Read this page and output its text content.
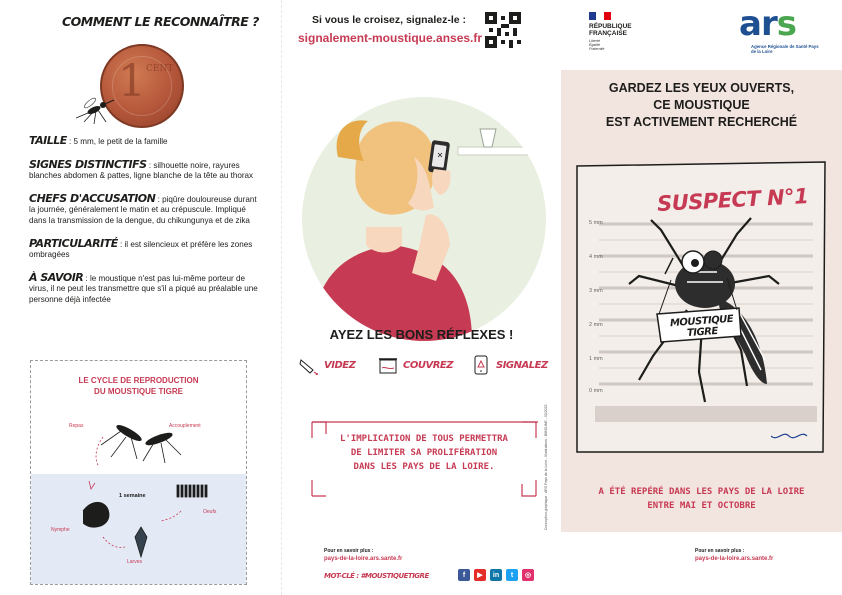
COMMENT LE RECONNAÎTRE ?
1 CENT

TAILLE : 5 mm, le petit de la famille

SIGNES DISTINCTIFS : silhouette noire, rayures blanches abdomen & pattes, ligne blanche de la tête au thorax

CHEFS D'ACCUSATION : piqûre douloureuse durant la journée, généralement le matin et au crépuscule. Impliqué dans la transmission de la dengue, du chikungunya et de zika

PARTICULARITÉ : il est silencieux et préfère les zones ombragées

À SAVOIR : le moustique n'est pas lui-même porteur de virus, il ne peut les transmettre que s'il a piqué au préalable une personne déjà infectée

LE CYCLE DE REPRODUCTION
DU MOUSTIQUE TIGRE
Repas	Accouplement
Nymphe
Larves
Oeufs
1 semaine
Si vous le croisez, signalez-le :
signalement-moustique.anses.fr
AYEZ LES BONS RÉFLEXES !
VIDEZ	COUVREZ	SIGNALEZ
L'IMPLICATION DE TOUS PERMETTRA
DE LIMITER SA PROLIFÉRATION
DANS LES PAYS DE LA LOIRE.	Conception graphique : ARS Pays de la Loire - Illustrations : BIBOUNE - 03/2023
Pour en savoir plus :
pays-de-la-loire.ars.sante.fr
MOT-CLÉ : #MOUSTIQUETIGRE	f	▶	in	t	◎
RÉPUBLIQUE
FRANÇAISE
Liberté
Égalité
Fraternité
ars
Agence Régionale de Santé Pays de la Loire
GARDEZ LES YEUX OUVERTS,
CE MOUSTIQUE
EST ACTIVEMENT RECHERCHÉ
SUSPECT N°1
MOUSTIQUE
TIGRE
5 mm
4 mm
3 mm
2 mm
1 mm
0 mm
A ÉTÉ REPÉRÉ DANS LES PAYS DE LA LOIRE
ENTRE MAI ET OCTOBRE
Pour en savoir plus :
pays-de-la-loire.ars.sante.fr
